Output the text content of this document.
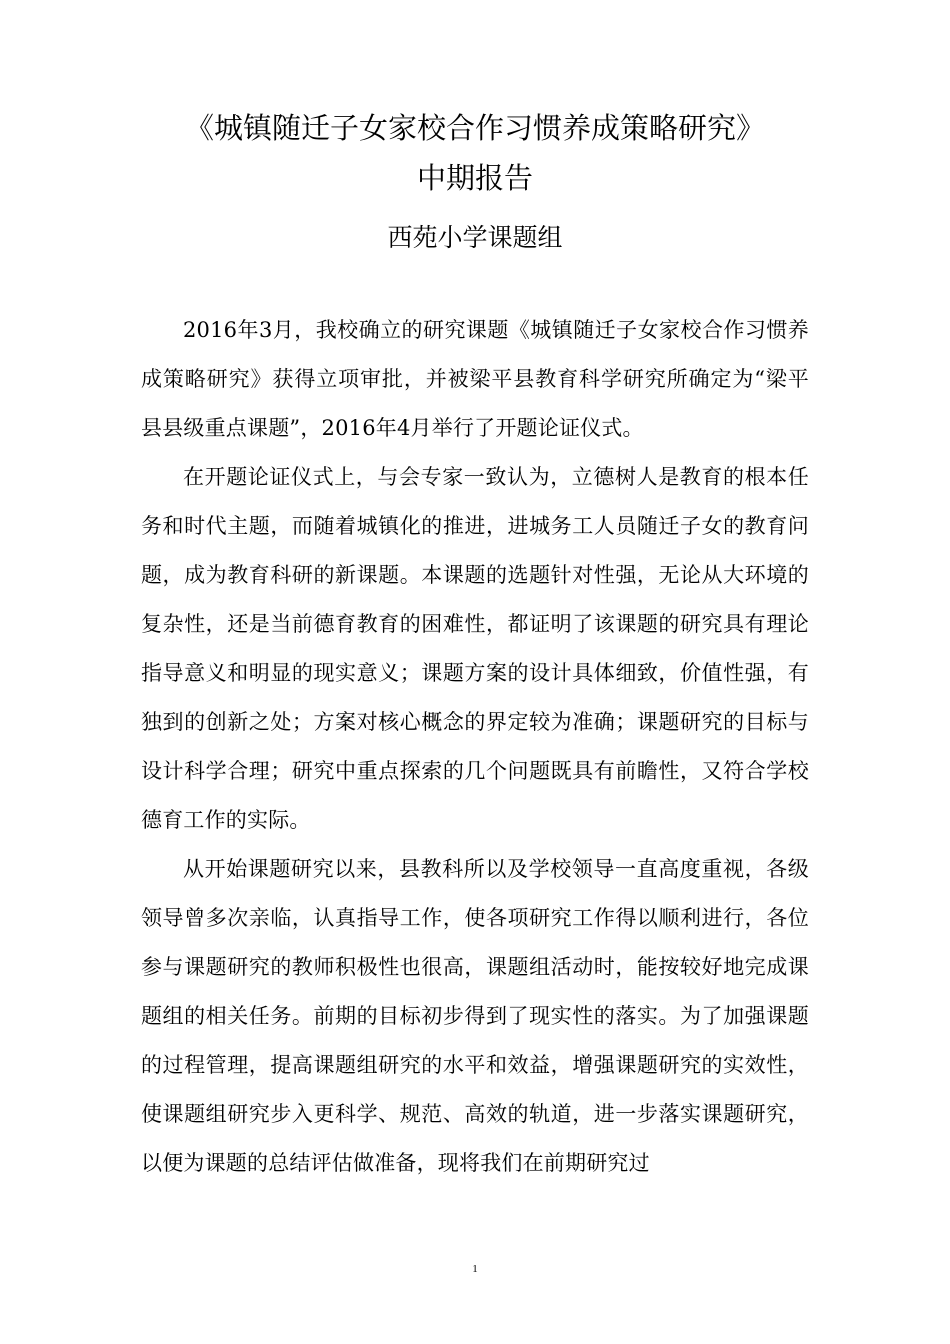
《城镇随迁子女家校合作习惯养成策略研究》
中期报告
西苑小学课题组

2016年3月，我校确立的研究课题《城镇随迁子女家校合作习惯养成策略研究》获得立项审批，并被梁平县教育科学研究所确定为“梁平县县级重点课题”，2016年4月举行了开题论证仪式。

在开题论证仪式上，与会专家一致认为，立德树人是教育的根本任务和时代主题，而随着城镇化的推进，进城务工人员随迁子女的教育问题，成为教育科研的新课题。本课题的选题针对性强，无论从大环境的复杂性，还是当前德育教育的困难性，都证明了该课题的研究具有理论指导意义和明显的现实意义；课题方案的设计具体细致，价值性强，有独到的创新之处；方案对核心概念的界定较为准确；课题研究的目标与设计科学合理；研究中重点探索的几个问题既具有前瞻性，又符合学校德育工作的实际。

从开始课题研究以来，县教科所以及学校领导一直高度重视，各级领导曾多次亲临，认真指导工作，使各项研究工作得以顺利进行，各位参与课题研究的教师积极性也很高，课题组活动时，能按较好地完成课题组的相关任务。前期的目标初步得到了现实性的落实。为了加强课题的过程管理，提高课题组研究的水平和效益，增强课题研究的实效性，使课题组研究步入更科学、规范、高效的轨道，进一步落实课题研究，以便为课题的总结评估做准备，现将我们在前期研究过

1
